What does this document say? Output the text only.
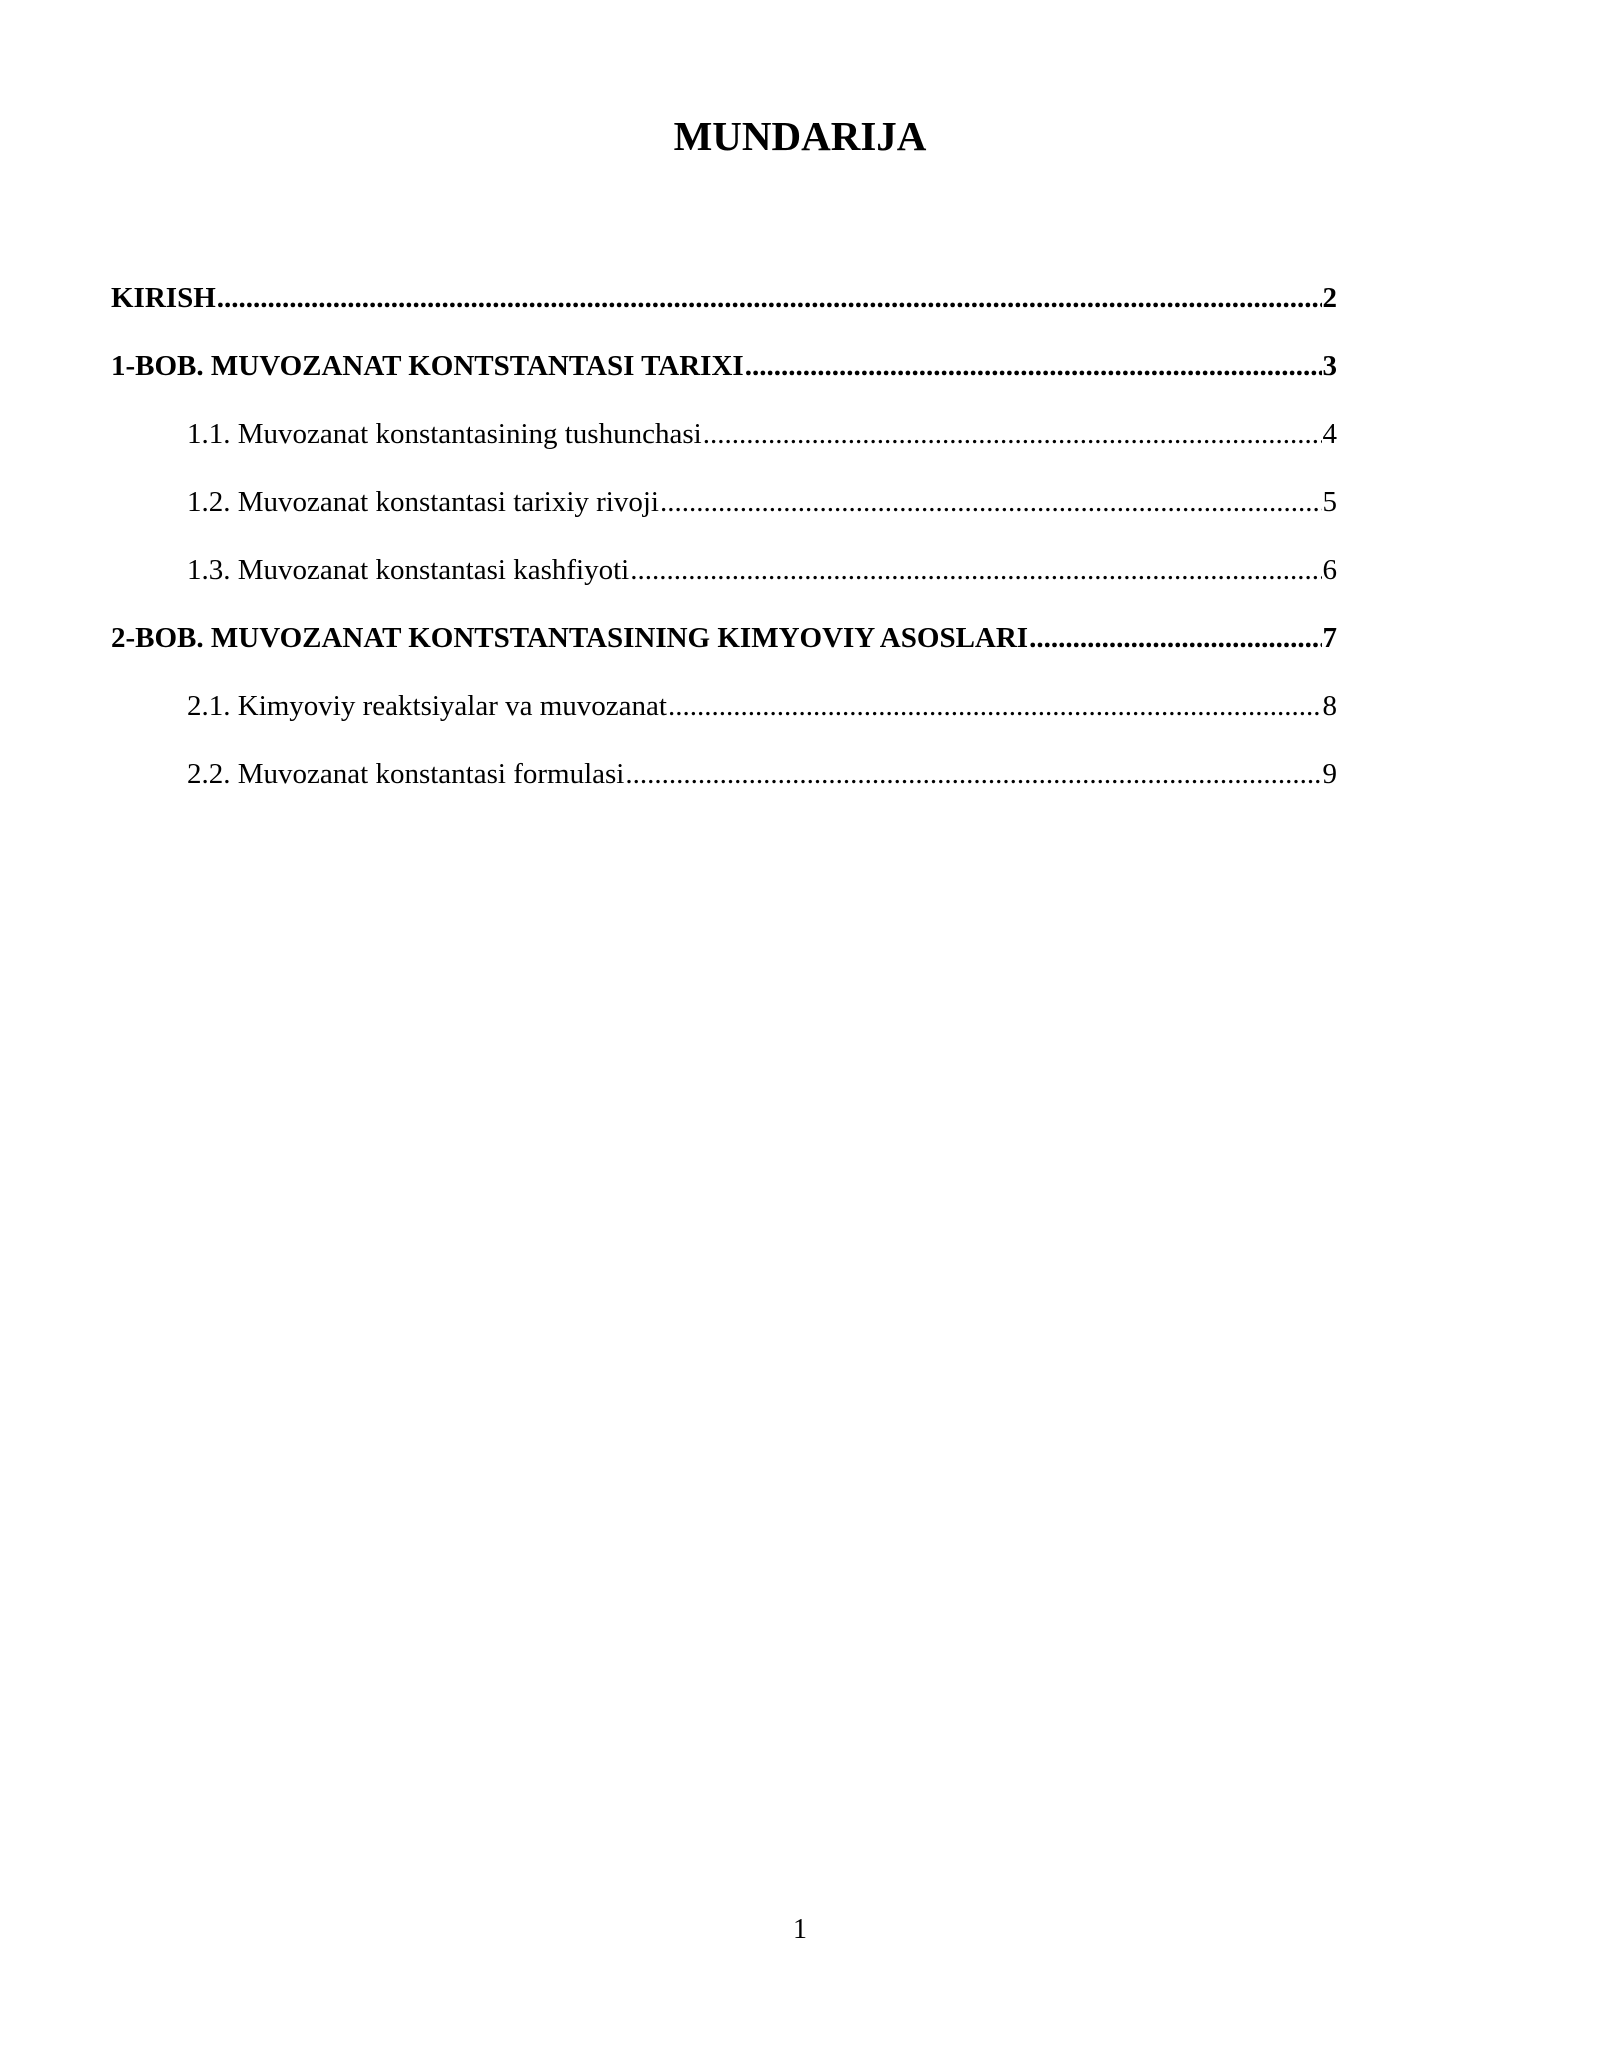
MUNDARIJA
KIRISH .....	2
1-BOB. MUVOZANAT KONTSTANTASI TARIXI .....	3
1.1. Muvozanat konstantasining tushunchasi .....	4
1.2. Muvozanat konstantasi tarixiy rivoji .....	5
1.3. Muvozanat konstantasi kashfiyoti .....	6
2-BOB. MUVOZANAT KONTSTANTASINING KIMYOVIY ASOSLARI .....	7
2.1. Kimyoviy reaktsiyalar va muvozanat .....	8
2.2. Muvozanat konstantasi formulasi .....	9
1
